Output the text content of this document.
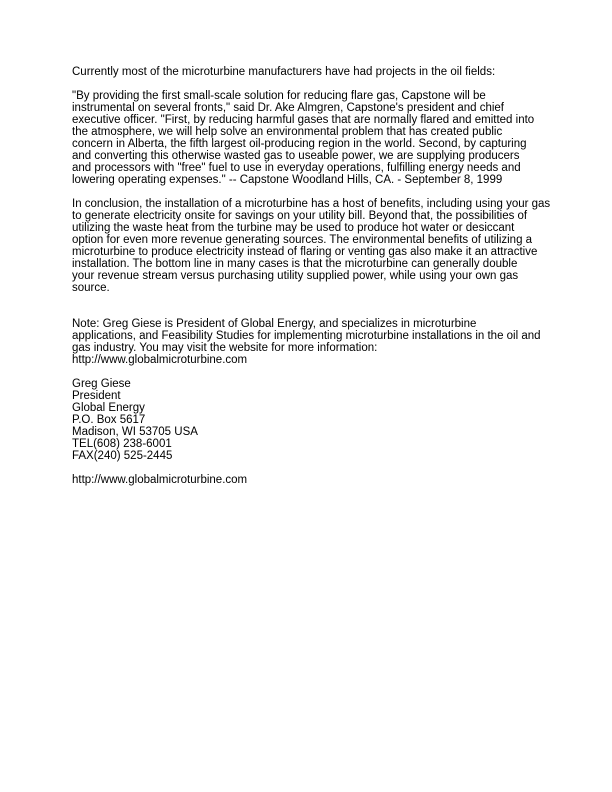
Currently most of the microturbine manufacturers have had projects in the oil fields:

"By providing the first small-scale solution for reducing flare gas, Capstone will be

instrumental on several fronts," said Dr. Ake Almgren, Capstone's president and chief

executive officer. "First, by reducing harmful gases that are normally flared and emitted into

the atmosphere, we will help solve an environmental problem that has created public

concern in Alberta, the fifth largest oil-producing region in the world. Second, by capturing

and converting this otherwise wasted gas to useable power, we are supplying producers

and processors with "free" fuel to use in everyday operations, fulfilling energy needs and

lowering operating expenses." -- Capstone Woodland Hills, CA. - September 8, 1999

In conclusion, the installation of a microturbine has a host of benefits, including using your gas

to generate electricity onsite for savings on your utility bill. Beyond that, the possibilities of

utilizing the waste heat from the turbine may be used to produce hot water or desiccant

option for even more revenue generating sources. The environmental benefits of utilizing a

microturbine to produce electricity instead of flaring or venting gas also make it an attractive

installation. The bottom line in many cases is that the microturbine can generally double

your revenue stream versus purchasing utility supplied power, while using your own gas

source.

Note: Greg Giese is President of Global Energy, and specializes in microturbine

applications, and Feasibility Studies for implementing microturbine installations in the oil and

gas industry. You may visit the website for more information:

http://www.globalmicroturbine.com

Greg Giese

President

Global Energy

P.O. Box 5617

Madison, WI 53705 USA

TEL(608) 238-6001

FAX(240) 525-2445

http://www.globalmicroturbine.com
